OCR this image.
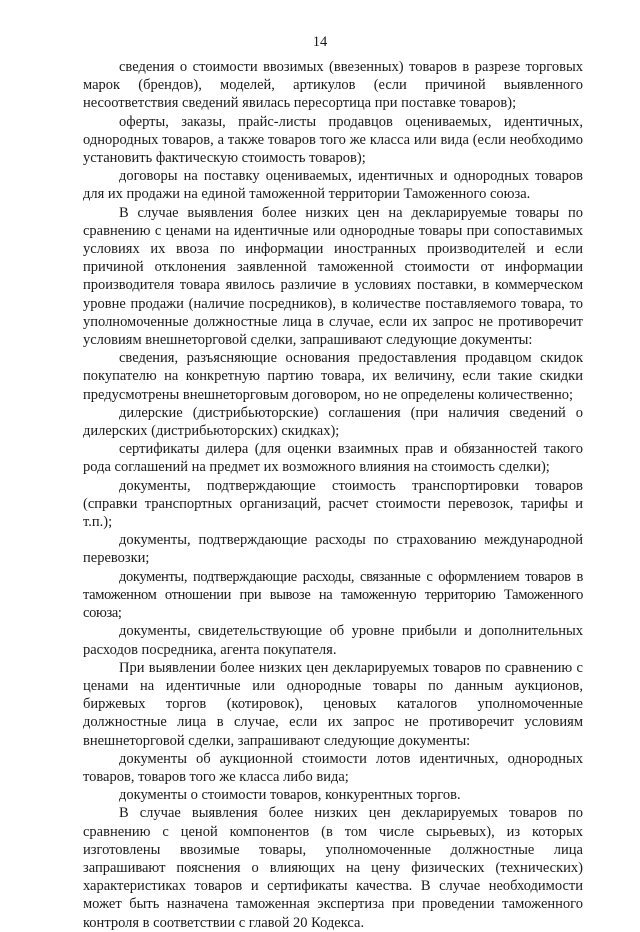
14

сведения о стоимости ввозимых (ввезенных) товаров в разрезе торговых марок (брендов), моделей, артикулов (если причиной выявленного несоответствия сведений явилась пересортица при поставке товаров);

оферты, заказы, прайс-листы продавцов оцениваемых, идентичных, однородных товаров, а также товаров того же класса или вида (если необходимо установить фактическую стоимость товаров);

договоры на поставку оцениваемых, идентичных и однородных товаров для их продажи на единой таможенной территории Таможенного союза.

В случае выявления более низких цен на декларируемые товары по сравнению с ценами на идентичные или однородные товары при сопоставимых условиях их ввоза по информации иностранных производителей и если причиной отклонения заявленной таможенной стоимости от информации производителя товара явилось различие в условиях поставки, в коммерческом уровне продажи (наличие посредников), в количестве поставляемого товара, то уполномоченные должностные лица в случае, если их запрос не противоречит условиям внешнеторговой сделки, запрашивают следующие документы:

сведения, разъясняющие основания предоставления продавцом скидок покупателю на конкретную партию товара, их величину, если такие скидки предусмотрены внешнеторговым договором, но не определены количественно;

дилерские (дистрибьюторские) соглашения (при наличия сведений о дилерских (дистрибьюторских) скидках);

сертификаты дилера (для оценки взаимных прав и обязанностей такого рода соглашений на предмет их возможного влияния на стоимость сделки);

документы, подтверждающие стоимость транспортировки товаров (справки транспортных организаций, расчет стоимости перевозок, тарифы и т.п.);

документы, подтверждающие расходы по страхованию международной перевозки;

документы, подтверждающие расходы, связанные с оформлением товаров в таможенном отношении при вывозе на таможенную территорию Таможенного союза;

документы, свидетельствующие об уровне прибыли и дополнительных расходов посредника, агента покупателя.

При выявлении более низких цен декларируемых товаров по сравнению с ценами на идентичные или однородные товары по данным аукционов, биржевых торгов (котировок), ценовых каталогов уполномоченные должностные лица в случае, если их запрос не противоречит условиям внешнеторговой сделки, запрашивают следующие документы:

документы об аукционной стоимости лотов идентичных, однородных товаров, товаров того же класса либо вида;

документы о стоимости товаров, конкурентных торгов.

В случае выявления более низких цен декларируемых товаров по сравнению с ценой компонентов (в том числе сырьевых), из которых изготовлены ввозимые товары, уполномоченные должностные лица запрашивают пояснения о влияющих на цену физических (технических) характеристиках товаров и сертификаты качества. В случае необходимости может быть назначена таможенная экспертиза при проведении таможенного контроля в соответствии с главой 20 Кодекса.
